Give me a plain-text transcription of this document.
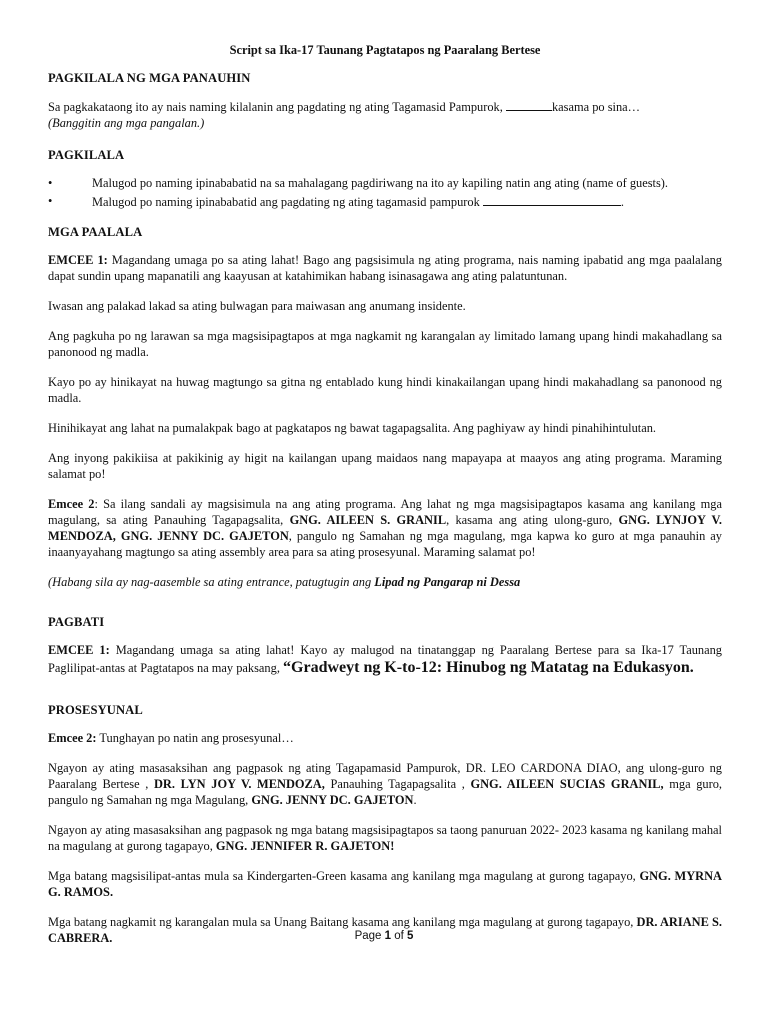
Script sa Ika-17 Taunang Pagtatapos ng Paaralang Bertese
PAGKILALA NG MGA PANAUHIN

Sa pagkakataong ito ay nais naming kilalanin ang pagdating ng ating Tagamasid Pampurok,	kasama po sina…

(Banggitin ang mga pangalan.)

PAGKILALA
•	Malugod po naming ipinababatid na sa mahalagang pagdiriwang na ito ay kapiling natin ang ating (name of guests).
•	Malugod po naming ipinababatid ang pagdating ng ating tagamasid pampurok	.
MGA PAALALA

EMCEE 1: Magandang umaga po sa ating lahat! Bago ang pagsisimula ng ating programa, nais naming ipabatid ang mga paalalang dapat sundin upang mapanatili ang kaayusan at katahimikan habang isinasagawa ang ating palatuntunan.

Iwasan ang palakad lakad sa ating bulwagan para maiwasan ang anumang insidente.

Ang pagkuha po ng larawan sa mga magsisipagtapos at mga nagkamit ng karangalan ay limitado lamang upang hindi makahadlang sa panonood ng madla.

Kayo po ay hinikayat na huwag magtungo sa gitna ng entablado kung hindi kinakailangan upang hindi makahadlang sa panonood ng madla.

Hinihikayat ang lahat na pumalakpak bago at pagkatapos ng bawat tagapagsalita. Ang paghiyaw ay hindi pinahihintulutan.

Ang inyong pakikiisa at pakikinig ay higit na kailangan upang maidaos nang mapayapa at maayos ang ating programa. Maraming salamat po!

Emcee 2: Sa ilang sandali ay magsisimula na ang ating programa. Ang lahat ng mga magsisipagtapos kasama ang kanilang mga magulang, sa ating Panauhing Tagapagsalita, GNG. AILEEN S. GRANIL, kasama ang ating ulong-guro, GNG. LYNJOY V. MENDOZA, GNG. JENNY DC. GAJETON, pangulo ng Samahan ng mga magulang, mga kapwa ko guro at mga panauhin ay inaanyayahang magtungo sa ating assembly area para sa ating prosesyunal. Maraming salamat po!

(Habang sila ay nag-aasemble sa ating entrance, patugtugin ang Lipad ng Pangarap ni Dessa

PAGBATI

EMCEE 1: Magandang umaga sa ating lahat! Kayo ay malugod na tinatanggap ng Paaralang Bertese para sa Ika-17 Taunang Paglilipat-antas at Pagtatapos na may paksang, “Gradweyt ng K-to-12: Hinubog ng Matatag na Edukasyon.

PROSESYUNAL

Emcee 2: Tunghayan po natin ang prosesyunal…

Ngayon ay ating masasaksihan ang pagpasok ng ating Tagapamasid Pampurok, DR. LEO CARDONA DIAO, ang ulong-guro ng Paaralang Bertese , DR. LYN JOY V. MENDOZA, Panauhing Tagapagsalita , GNG. AILEEN SUCIAS GRANIL, mga guro, pangulo ng Samahan ng mga Magulang, GNG. JENNY DC. GAJETON.

Ngayon ay ating masasaksihan ang pagpasok ng mga batang magsisipagtapos sa taong panuruan 2022- 2023 kasama ng kanilang mahal na magulang at gurong tagapayo, GNG. JENNIFER R. GAJETON!

Mga batang magsisilipat-antas mula sa Kindergarten-Green kasama ang kanilang mga magulang at gurong tagapayo, GNG. MYRNA G. RAMOS.

Mga batang nagkamit ng karangalan mula sa Unang Baitang kasama ang kanilang mga magulang at gurong tagapayo, DR. ARIANE S. CABRERA.	Page 1 of 5
